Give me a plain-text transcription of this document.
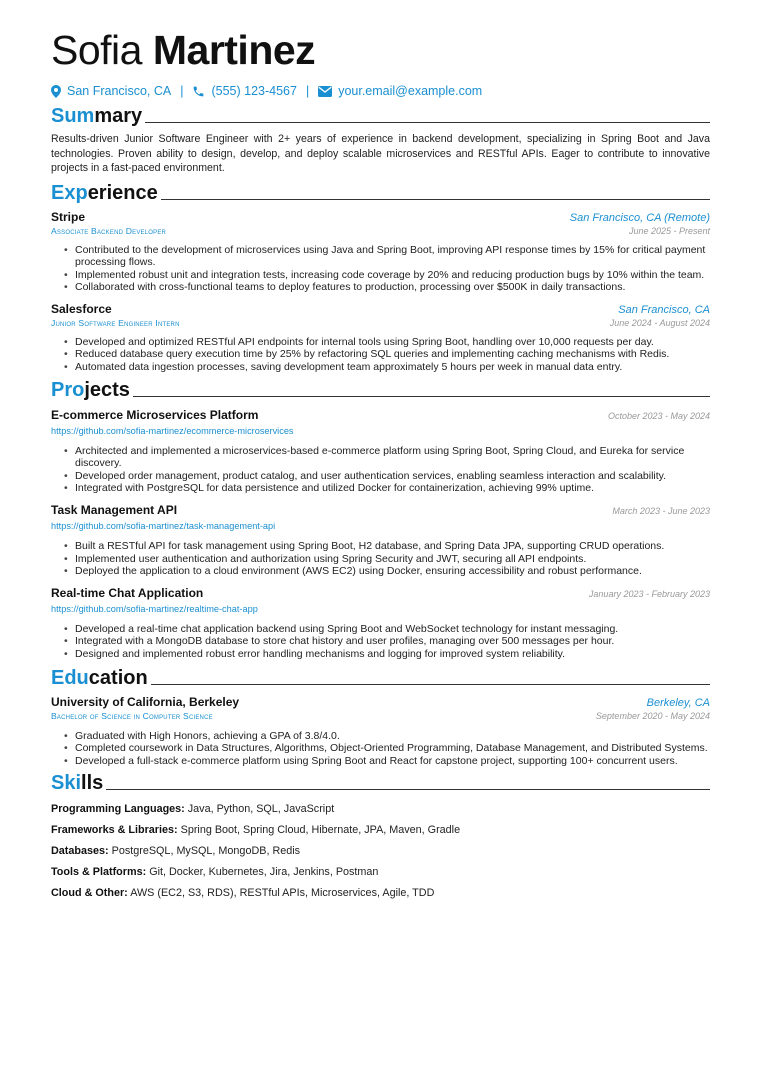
Sofia Martinez
San Francisco, CA | (555) 123-4567 | your.email@example.com
Summary

Results-driven Junior Software Engineer with 2+ years of experience in backend development, specializing in Spring Boot and Java technologies. Proven ability to design, develop, and deploy scalable microservices and RESTful APIs. Eager to contribute to innovative projects in a fast-paced environment.

Experience
Stripe	San Francisco, CA (Remote)
Associate Backend Developer	June 2025 - Present
• Contributed to the development of microservices using Java and Spring Boot, improving API response times by 15% for critical payment processing flows.
• Implemented robust unit and integration tests, increasing code coverage by 20% and reducing production bugs by 10% within the team.
• Collaborated with cross-functional teams to deploy features to production, processing over $500K in daily transactions.
Salesforce	San Francisco, CA
Junior Software Engineer Intern	June 2024 - August 2024
• Developed and optimized RESTful API endpoints for internal tools using Spring Boot, handling over 10,000 requests per day.
• Reduced database query execution time by 25% by refactoring SQL queries and implementing caching mechanisms with Redis.
• Automated data ingestion processes, saving development team approximately 5 hours per week in manual data entry.
Projects
E-commerce Microservices Platform	October 2023 - May 2024
https://github.com/sofia-martinez/ecommerce-microservices
• Architected and implemented a microservices-based e-commerce platform using Spring Boot, Spring Cloud, and Eureka for service discovery.
• Developed order management, product catalog, and user authentication services, enabling seamless interaction and scalability.
• Integrated with PostgreSQL for data persistence and utilized Docker for containerization, achieving 99% uptime.
Task Management API	March 2023 - June 2023
https://github.com/sofia-martinez/task-management-api
• Built a RESTful API for task management using Spring Boot, H2 database, and Spring Data JPA, supporting CRUD operations.
• Implemented user authentication and authorization using Spring Security and JWT, securing all API endpoints.
• Deployed the application to a cloud environment (AWS EC2) using Docker, ensuring accessibility and robust performance.
Real-time Chat Application	January 2023 - February 2023
https://github.com/sofia-martinez/realtime-chat-app
• Developed a real-time chat application backend using Spring Boot and WebSocket technology for instant messaging.
• Integrated with a MongoDB database to store chat history and user profiles, managing over 500 messages per hour.
• Designed and implemented robust error handling mechanisms and logging for improved system reliability.
Education
University of California, Berkeley	Berkeley, CA
Bachelor of Science in Computer Science	September 2020 - May 2024
• Graduated with High Honors, achieving a GPA of 3.8/4.0.
• Completed coursework in Data Structures, Algorithms, Object-Oriented Programming, Database Management, and Distributed Systems.
• Developed a full-stack e-commerce platform using Spring Boot and React for capstone project, supporting 100+ concurrent users.
Skills
Programming Languages: Java, Python, SQL, JavaScript
Frameworks & Libraries: Spring Boot, Spring Cloud, Hibernate, JPA, Maven, Gradle
Databases: PostgreSQL, MySQL, MongoDB, Redis
Tools & Platforms: Git, Docker, Kubernetes, Jira, Jenkins, Postman
Cloud & Other: AWS (EC2, S3, RDS), RESTful APIs, Microservices, Agile, TDD
